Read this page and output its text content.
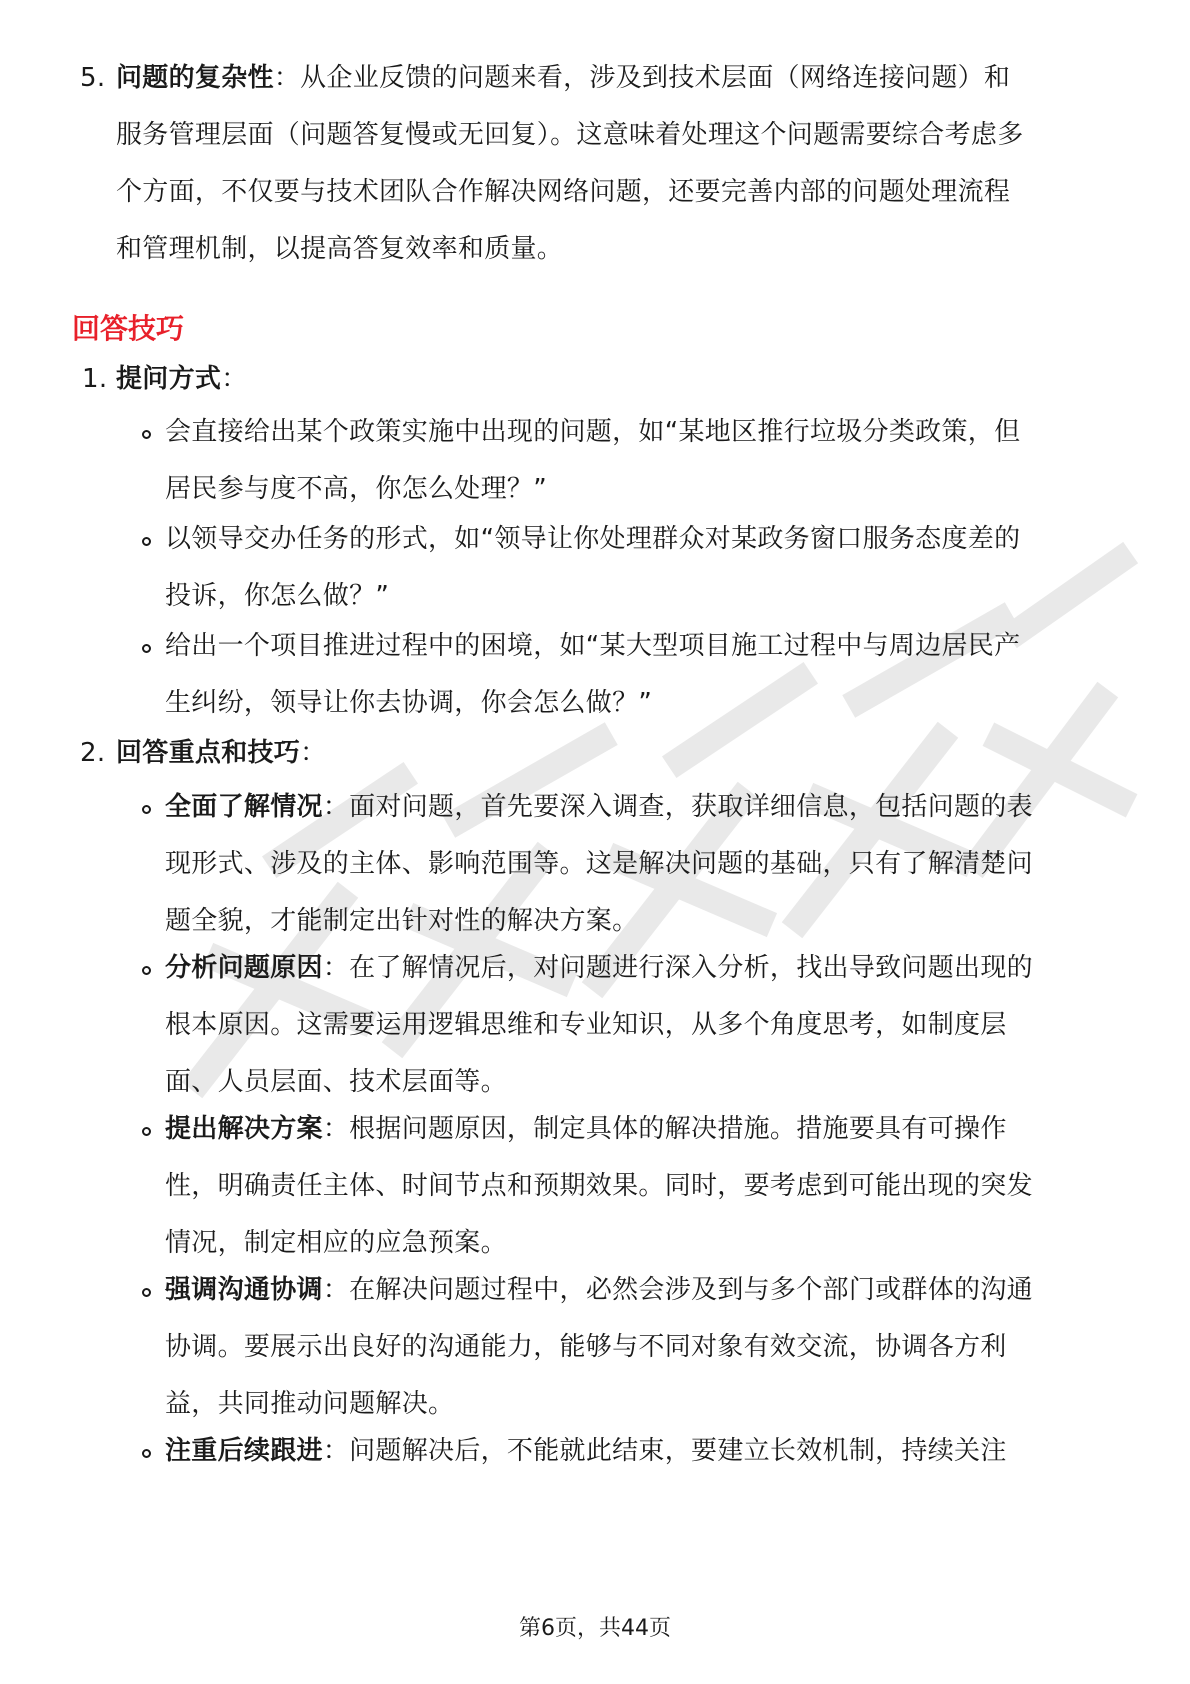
5. 问题的复杂性：从企业反馈的问题来看，涉及到技术层面（网络连接问题）和服务管理层面（问题答复慢或无回复）。这意味着处理这个问题需要综合考虑多个方面，不仅要与技术团队合作解决网络问题，还要完善内部的问题处理流程和管理机制，以提高答复效率和质量。
回答技巧
1. 提问方式：
会直接给出某个政策实施中出现的问题，如“某地区推行垃圾分类政策，但居民参与度不高，你怎么处理？”
以领导交办任务的形式，如“领导让你处理群众对某政务窗口服务态度差的投诉，你怎么做？”
给出一个项目推进过程中的困境，如“某大型项目施工过程中与周边居民产生纠纷，领导让你去协调，你会怎么做？”
2. 回答重点和技巧：
全面了解情况：面对问题，首先要深入调查，获取详细信息，包括问题的表现形式、涉及的主体、影响范围等。这是解决问题的基础，只有了解清楚问题全貌，才能制定出针对性的解决方案。
分析问题原因：在了解情况后，对问题进行深入分析，找出导致问题出现的根本原因。这需要运用逻辑思维和专业知识，从多个角度思考，如制度层面、人员层面、技术层面等。
提出解决方案：根据问题原因，制定具体的解决措施。措施要具有可操作性，明确责任主体、时间节点和预期效果。同时，要考虑到可能出现的突发情况，制定相应的应急预案。
强调沟通协调：在解决问题过程中，必然会涉及到与多个部门或群体的沟通协调。要展示出良好的沟通能力，能够与不同对象有效交流，协调各方利益，共同推动问题解决。
注重后续跟进：问题解决后，不能就此结束，要建立长效机制，持续关注
第6页，共44页
